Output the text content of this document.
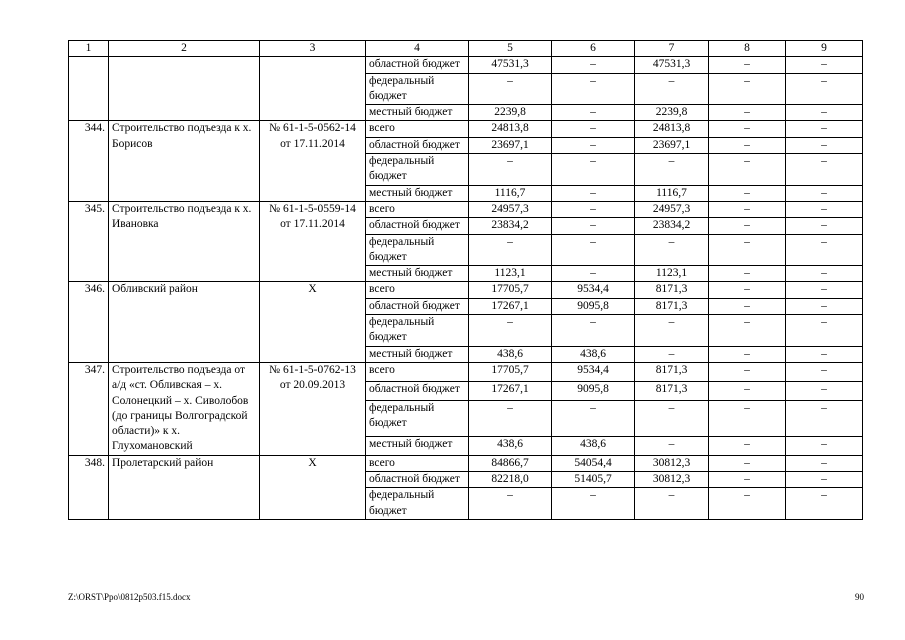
1	2	3	4	5	6	7	8	9
			областной бюджет	47531,3	–	47531,3	–	–
			федеральный бюджет	–	–	–	–	–
			местный бюджет	2239,8	–	2239,8	–	–
344.	Строительство подъезда к х. Борисов	№ 61-1-5-0562-14 от 17.11.2014	всего	24813,8	–	24813,8	–	–
			областной бюджет	23697,1	–	23697,1	–	–
			федеральный бюджет	–	–	–	–	–
			местный бюджет	1116,7	–	1116,7	–	–
345.	Строительство подъезда к х. Ивановка	№ 61-1-5-0559-14 от 17.11.2014	всего	24957,3	–	24957,3	–	–
			областной бюджет	23834,2	–	23834,2	–	–
			федеральный бюджет	–	–	–	–	–
			местный бюджет	1123,1	–	1123,1	–	–
346.	Обливский район	Х	всего	17705,7	9534,4	8171,3	–	–
			областной бюджет	17267,1	9095,8	8171,3	–	–
			федеральный бюджет	–	–	–	–	–
			местный бюджет	438,6	438,6	–	–	–
347.	Строительство подъезда от а/д «ст. Обливская – х. Солонецкий – х. Сиволобов (до границы Волгоградской области)» к х. Глухомановский	№ 61-1-5-0762-13 от 20.09.2013	всего	17705,7	9534,4	8171,3	–	–
			областной бюджет	17267,1	9095,8	8171,3	–	–
			федеральный бюджет	–	–	–	–	–
			местный бюджет	438,6	438,6	–	–	–
348.	Пролетарский район	Х	всего	84866,7	54054,4	30812,3	–	–
			областной бюджет	82218,0	51405,7	30812,3	–	–
			федеральный бюджет	–	–	–	–	–
Z:\ORST\Ppo\0812p503.f15.docx	90
